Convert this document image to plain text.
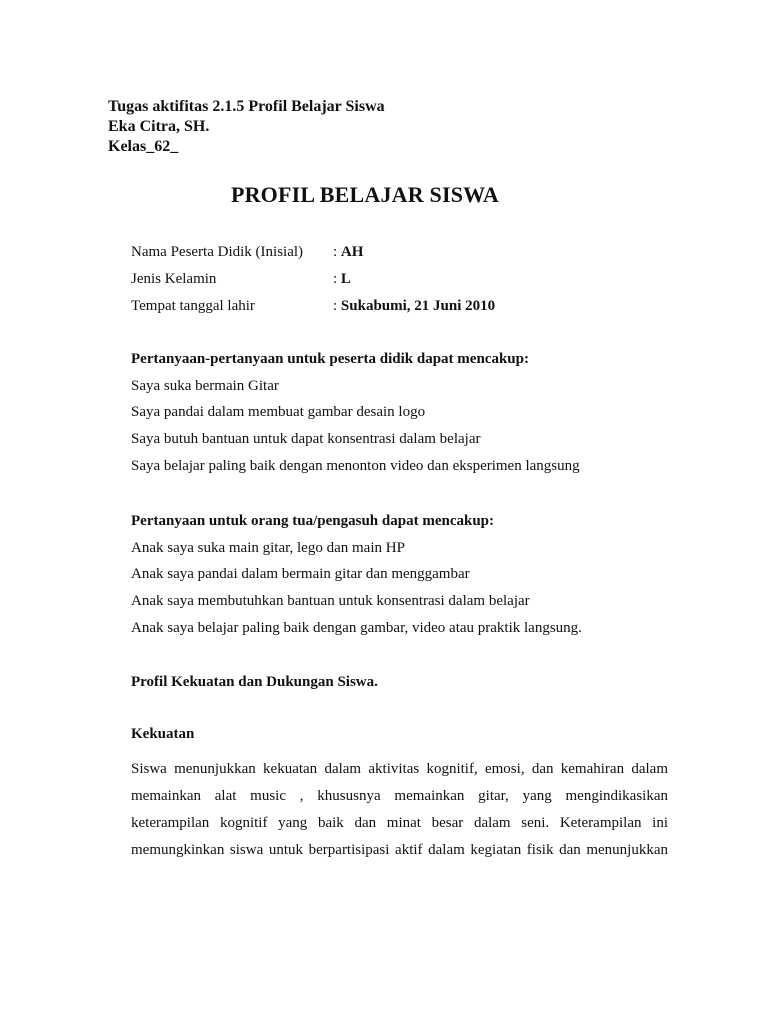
Tugas aktifitas 2.1.5 Profil Belajar Siswa
Eka Citra, SH.
Kelas_62_
PROFIL BELAJAR SISWA
Nama Peserta Didik (Inisial)	: AH
Jenis Kelamin	: L
Tempat tanggal lahir	: Sukabumi, 21 Juni 2010
Pertanyaan-pertanyaan untuk peserta didik dapat mencakup:
Saya suka bermain Gitar
Saya pandai dalam membuat gambar desain logo
Saya butuh bantuan untuk dapat konsentrasi dalam belajar
Saya belajar paling baik dengan menonton video dan eksperimen langsung
Pertanyaan untuk orang tua/pengasuh dapat mencakup:
Anak saya suka main gitar, lego dan main HP
Anak saya pandai dalam bermain gitar dan menggambar
Anak saya membutuhkan bantuan untuk konsentrasi dalam belajar
Anak saya belajar paling baik dengan gambar, video atau praktik langsung.
Profil Kekuatan dan Dukungan Siswa.
Kekuatan
Siswa menunjukkan kekuatan dalam aktivitas kognitif, emosi, dan kemahiran dalam
memainkan alat music , khususnya memainkan gitar, yang mengindikasikan
keterampilan kognitif yang baik dan minat besar dalam seni. Keterampilan ini
memungkinkan siswa untuk berpartisipasi aktif dalam kegiatan fisik dan menunjukkan
